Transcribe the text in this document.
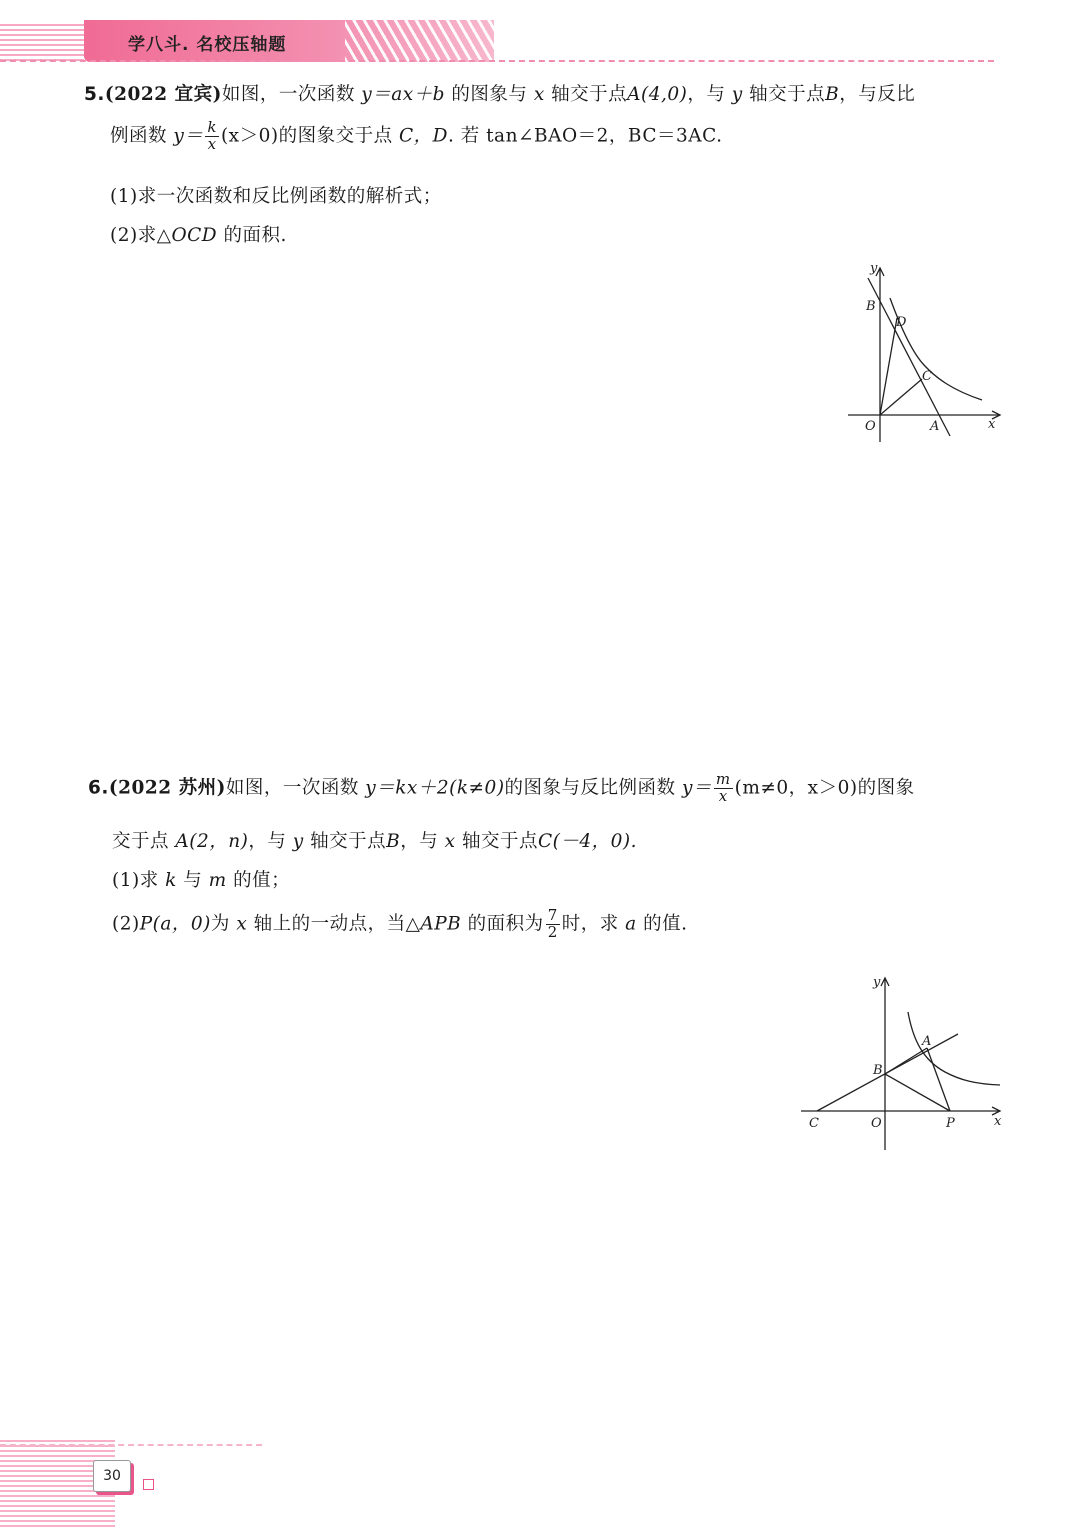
学八斗. 名校压轴题
5.(2022 宜宾)如图，一次函数 y＝ax＋b 的图象与 x 轴交于点A(4,0)，与 y 轴交于点B，与反比
例函数 $y= \frac{k}{x} (x>0)$的图象交于点 C，D. 若 tan∠BAO＝2，BC＝3AC.
(1)求一次函数和反比例函数的解析式；
(2)求△OCD 的面积.
y
B
D
C
O	A	x
6.(2022 苏州)如图，一次函数 y＝kx＋2(k≠0)的图象与反比例函数 $y= \frac{m}{x} (m\ne 0$，x＞0)的图象
交于点 A(2，n)，与 y 轴交于点B，与 x 轴交于点C(－4，0).
(1)求 k 与 m 的值；
(2)P(a，0)为 x 轴上的一动点，当△APB 的面积为 $\frac{7}{2}$ 时，求 a 的值.
y
A
B
C	O	P	x
30
